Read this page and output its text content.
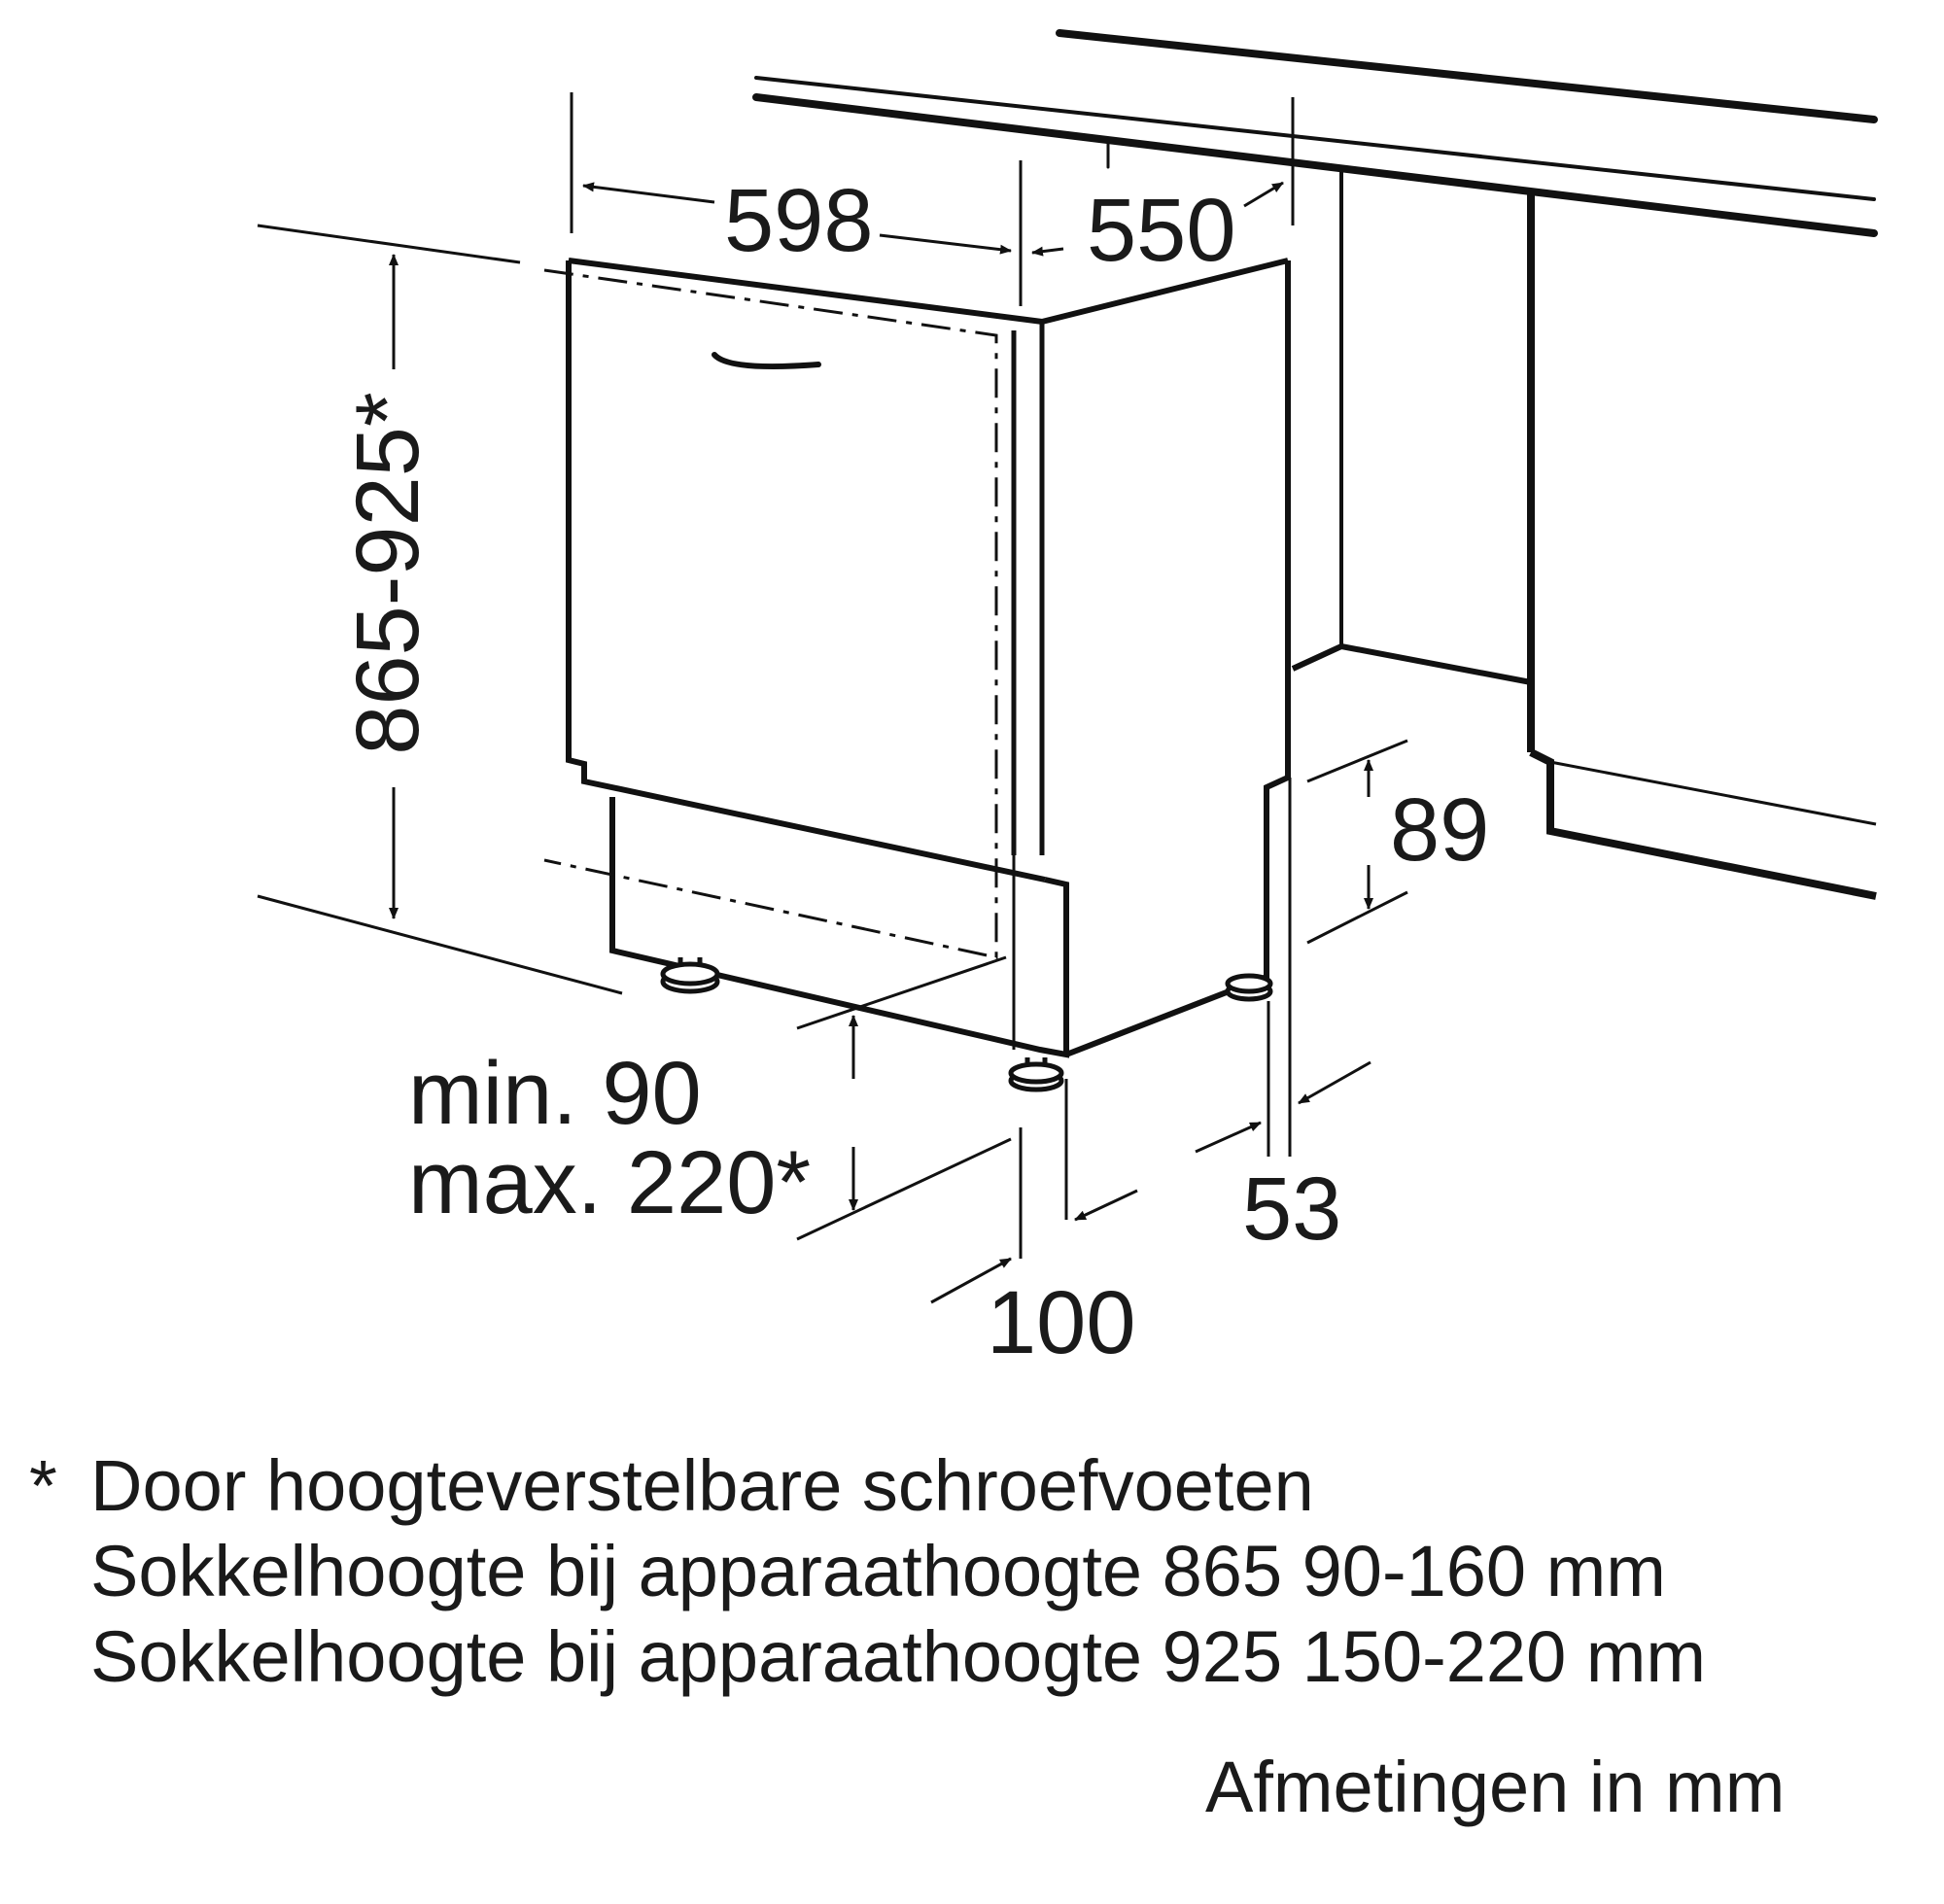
598 550
865-925*
89
min. 90
max. 220*
100
53
* Door hoogteverstelbare schroefvoeten
Sokkelhoogte bij apparaathoogte 865 90-160 mm
Sokkelhoogte bij apparaathoogte 925 150-220 mm
Afmetingen in mm
